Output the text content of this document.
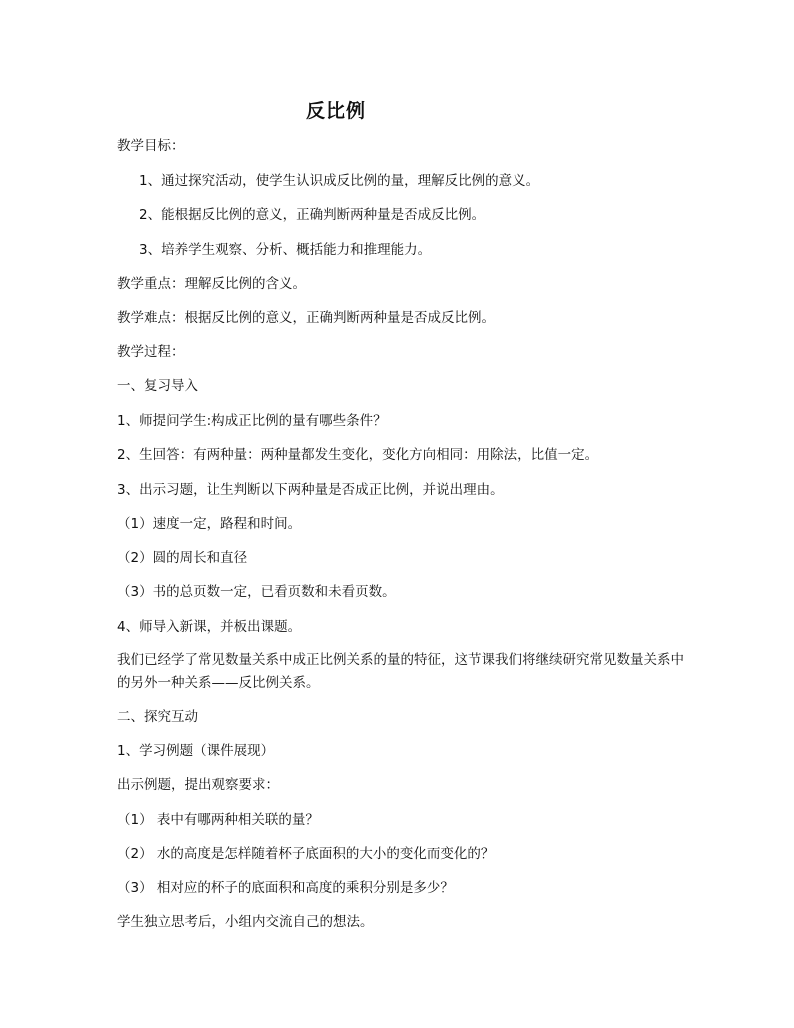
反比例
教学目标：
1、通过探究活动，使学生认识成反比例的量，理解反比例的意义。
2、能根据反比例的意义，正确判断两种量是否成反比例。
3、培养学生观察、分析、概括能力和推理能力。
教学重点：理解反比例的含义。
教学难点：根据反比例的意义，正确判断两种量是否成反比例。
教学过程：
一、复习导入
1、师提问学生:构成正比例的量有哪些条件？
2、生回答：有两种量：两种量都发生变化，变化方向相同：用除法，比值一定。
3、出示习题，让生判断以下两种量是否成正比例，并说出理由。
（1）速度一定，路程和时间。
（2）圆的周长和直径
（3）书的总页数一定，已看页数和未看页数。
4、师导入新课，并板出课题。
我们已经学了常见数量关系中成正比例关系的量的特征，这节课我们将继续研究常见数量关系中的另外一种关系——反比例关系。
二、探究互动
1、学习例题（课件展现）
出示例题，提出观察要求：
（1） 表中有哪两种相关联的量？
（2） 水的高度是怎样随着杯子底面积的大小的变化而变化的？
（3） 相对应的杯子的底面积和高度的乘积分别是多少？
学生独立思考后，小组内交流自己的想法。
